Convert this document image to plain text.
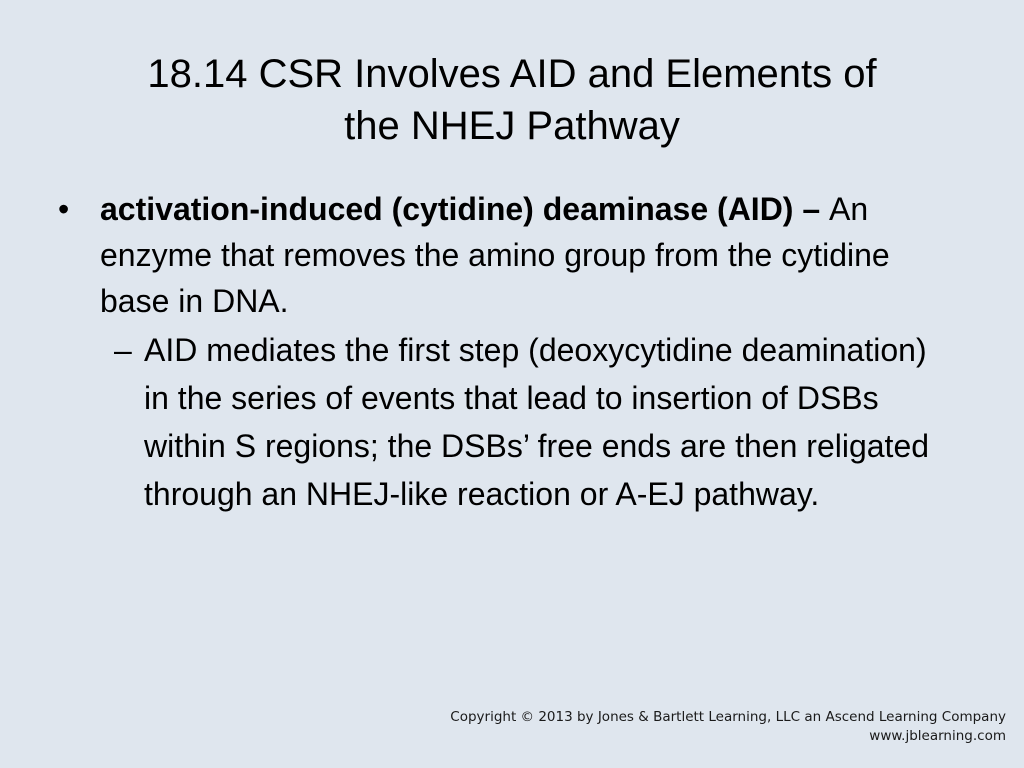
18.14 CSR Involves AID and Elements of
the NHEJ Pathway
• activation-induced (cytidine) deaminase (AID) – An enzyme that removes the amino group from the cytidine base in DNA.
– AID mediates the first step (deoxycytidine deamination) in the series of events that lead to insertion of DSBs within S regions; the DSBs’ free ends are then religated through an NHEJ-like reaction or A-EJ pathway.
Copyright © 2013 by Jones & Bartlett Learning, LLC an Ascend Learning Company
www.jblearning.com
